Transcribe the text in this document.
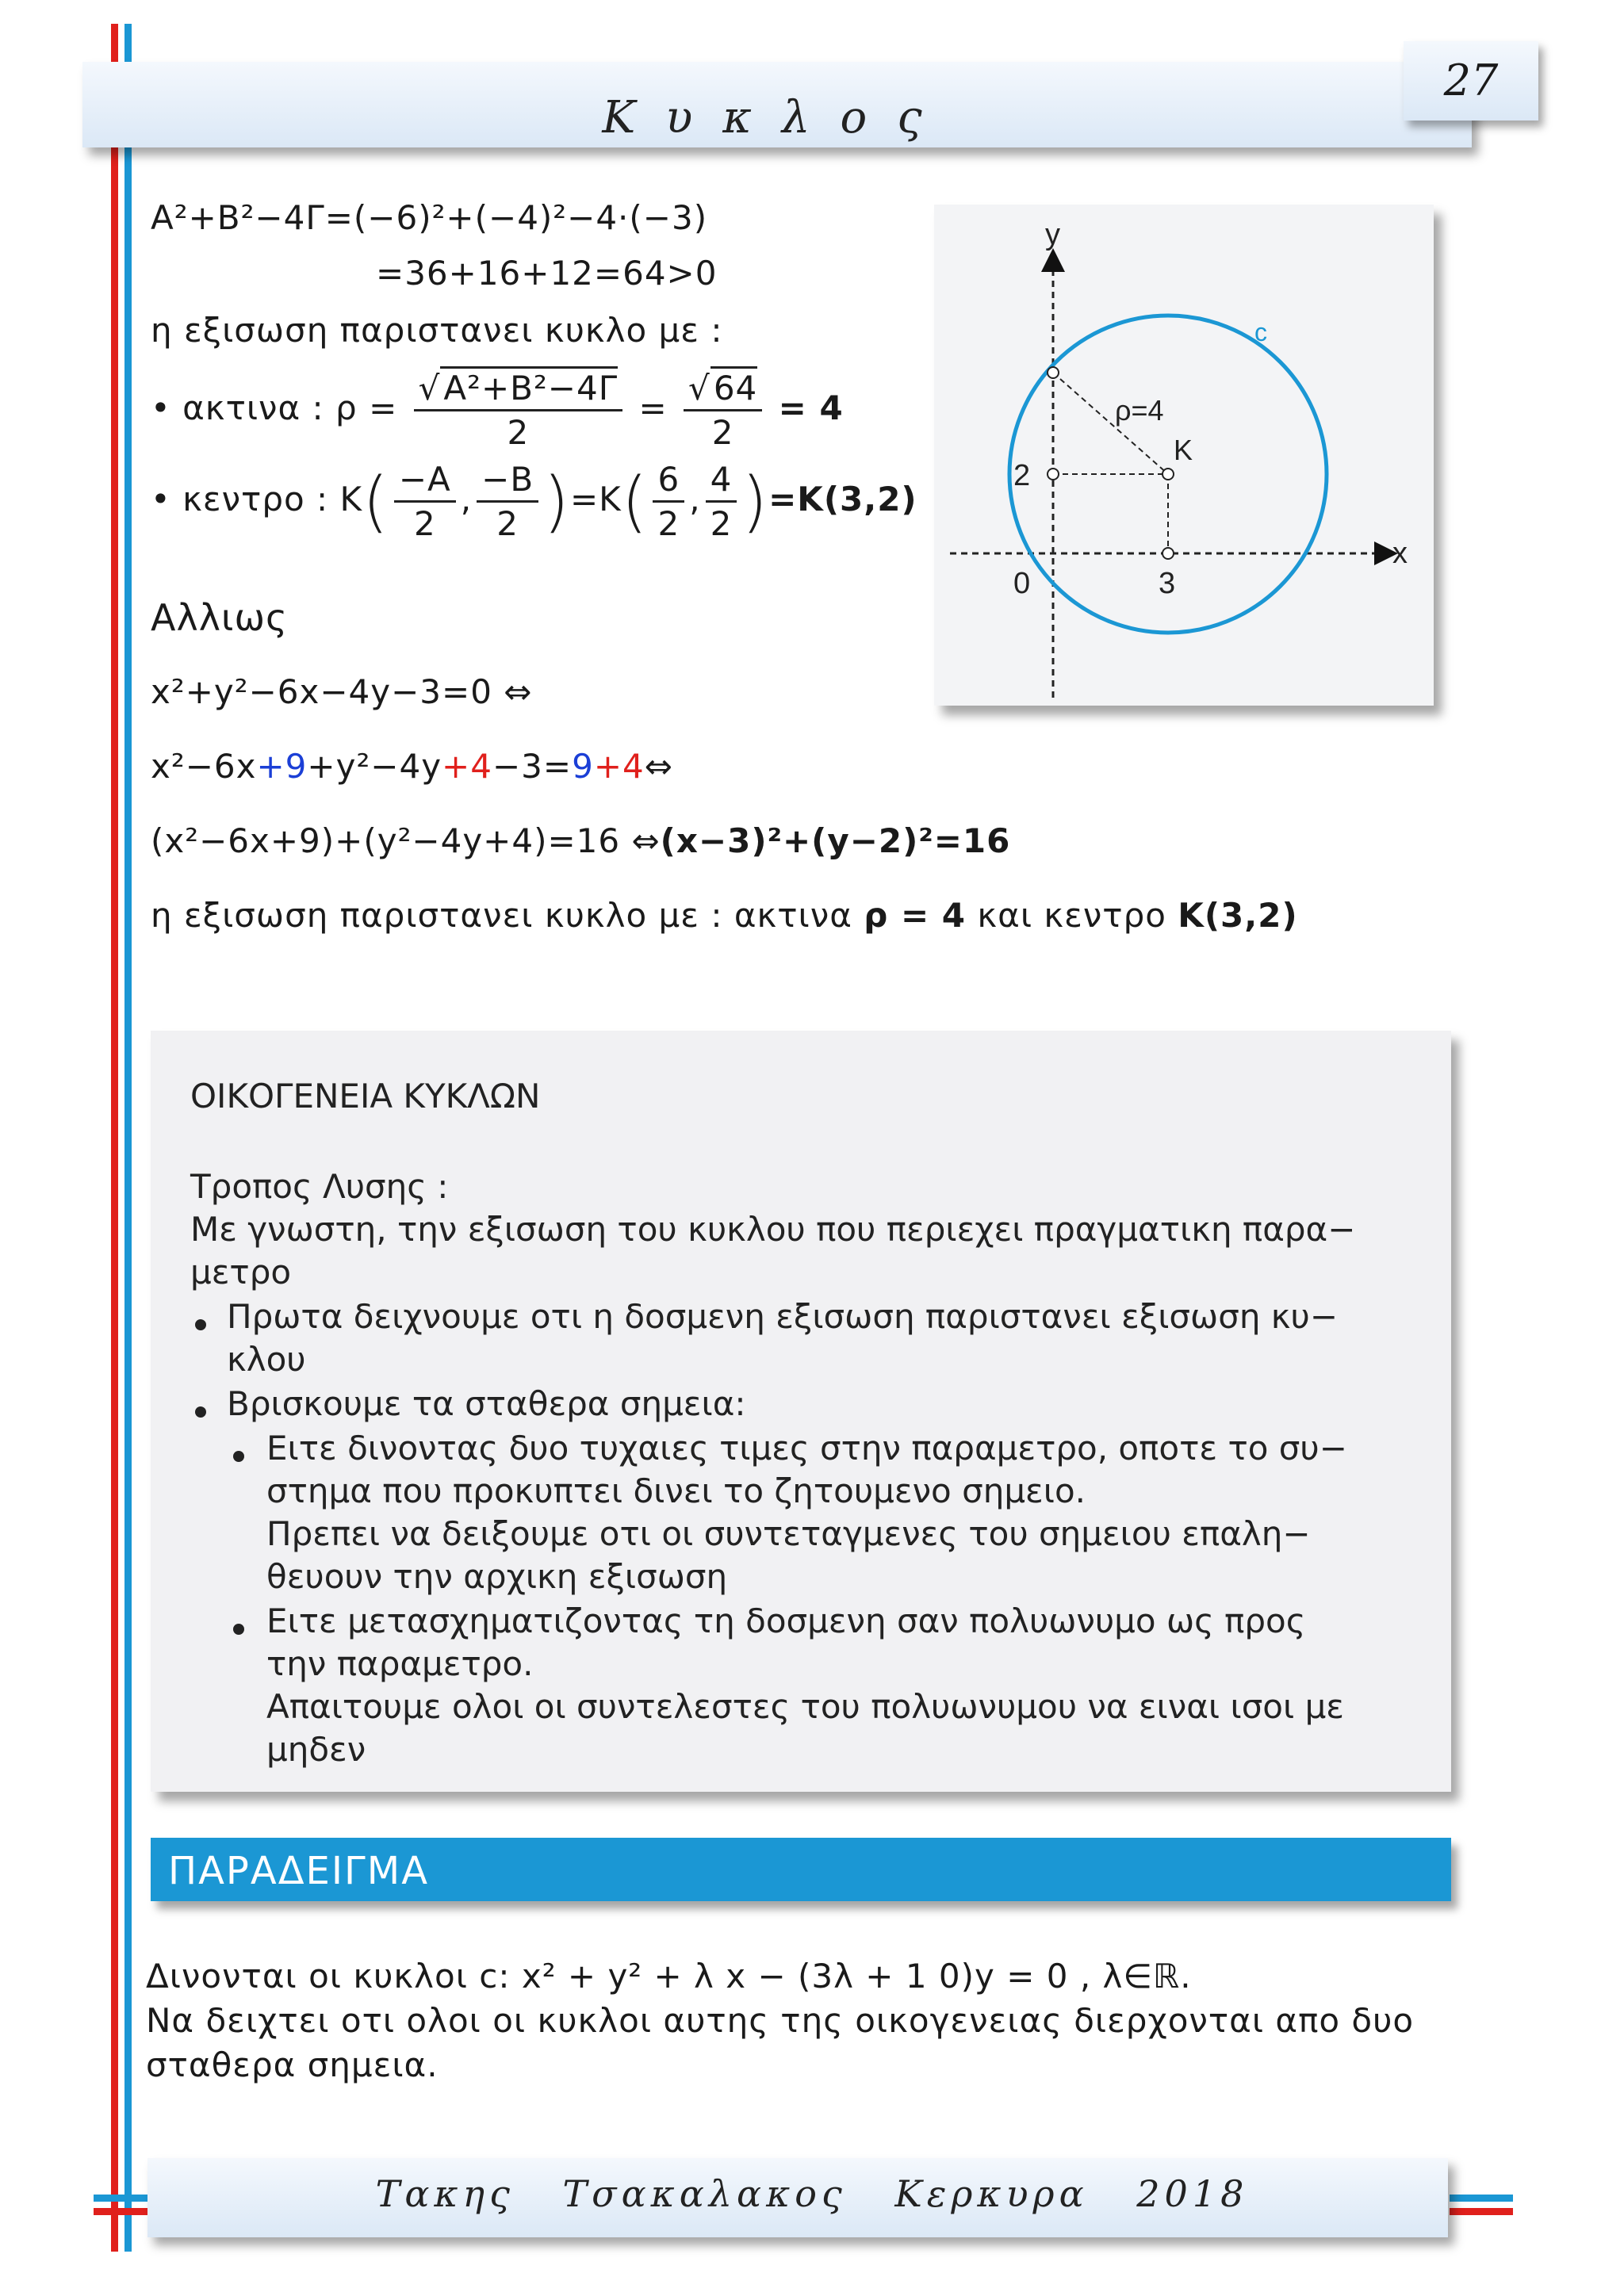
Κυκλος
27
A²+B²−4Γ=(−6)²+(−4)²−4·(−3)
=36+16+12=64>0
η εξισωση παριστανει κυκλο με :
• ακτινα : $\rho = \frac{\text{√A²+B²−4Γ}}{2} = \frac{√64}{2} = 4$
• κεντρο : $K( \frac{-A}{2}$ , $\frac{-B}{2} )=K( \frac{6}{2}$ , $\frac{4}{2} )=K(3,2)$
Αλλιως
x²+y²−6x−4y−3=0 ⇔
x²−6x+9+y²−4y+4−3=9+4⇔
(x²−6x+9)+(y²−4y+4)=16 ⇔(x−3)²+(y−2)²=16
η εξισωση παριστανει κυκλο με : ακτινα ρ = 4 και κεντρο K(3,2)
y
x
c
ρ=4
K
0
2
3
ΟΙΚΟΓΕΝΕΙΑ ΚΥΚΛΩΝ
Τροπος Λυσης :
Με γνωστη, την εξισωση του κυκλου που περιεχει πραγματικη παρα−
μετρο
Πρωτα δειχνουμε οτι η δοσμενη εξισωση παριστανει εξισωση κυ−
κλου
Βρισκουμε τα σταθερα σημεια:
Ειτε δινοντας δυο τυχαιες τιμες στην παραμετρο, οποτε το συ−
στημα που προκυπτει δινει το ζητουμενο σημειο.
Πρεπει να δειξουμε οτι οι συντεταγμενες του σημειου επαλη−
θευουν την αρχικη εξισωση
Ειτε μετασχηματιζοντας τη δοσμενη σαν πολυωνυμο ως προς
την παραμετρο.
Απαιτουμε ολοι οι συντελεστες του πολυωνυμου να ειναι ισοι με
μηδεν
ΠΑΡΑΔΕΙΓΜΑ
Δινονται οι κυκλοι c: x² + y² + λ x − (3λ + 1 0)y = 0 , λ∈ℝ.
Να δειχτει οτι ολοι οι κυκλοι αυτης της οικογενειας διερχονται απο δυο
σταθερα σημεια.
Τακης Τσακαλακος Κερκυρα 2018
